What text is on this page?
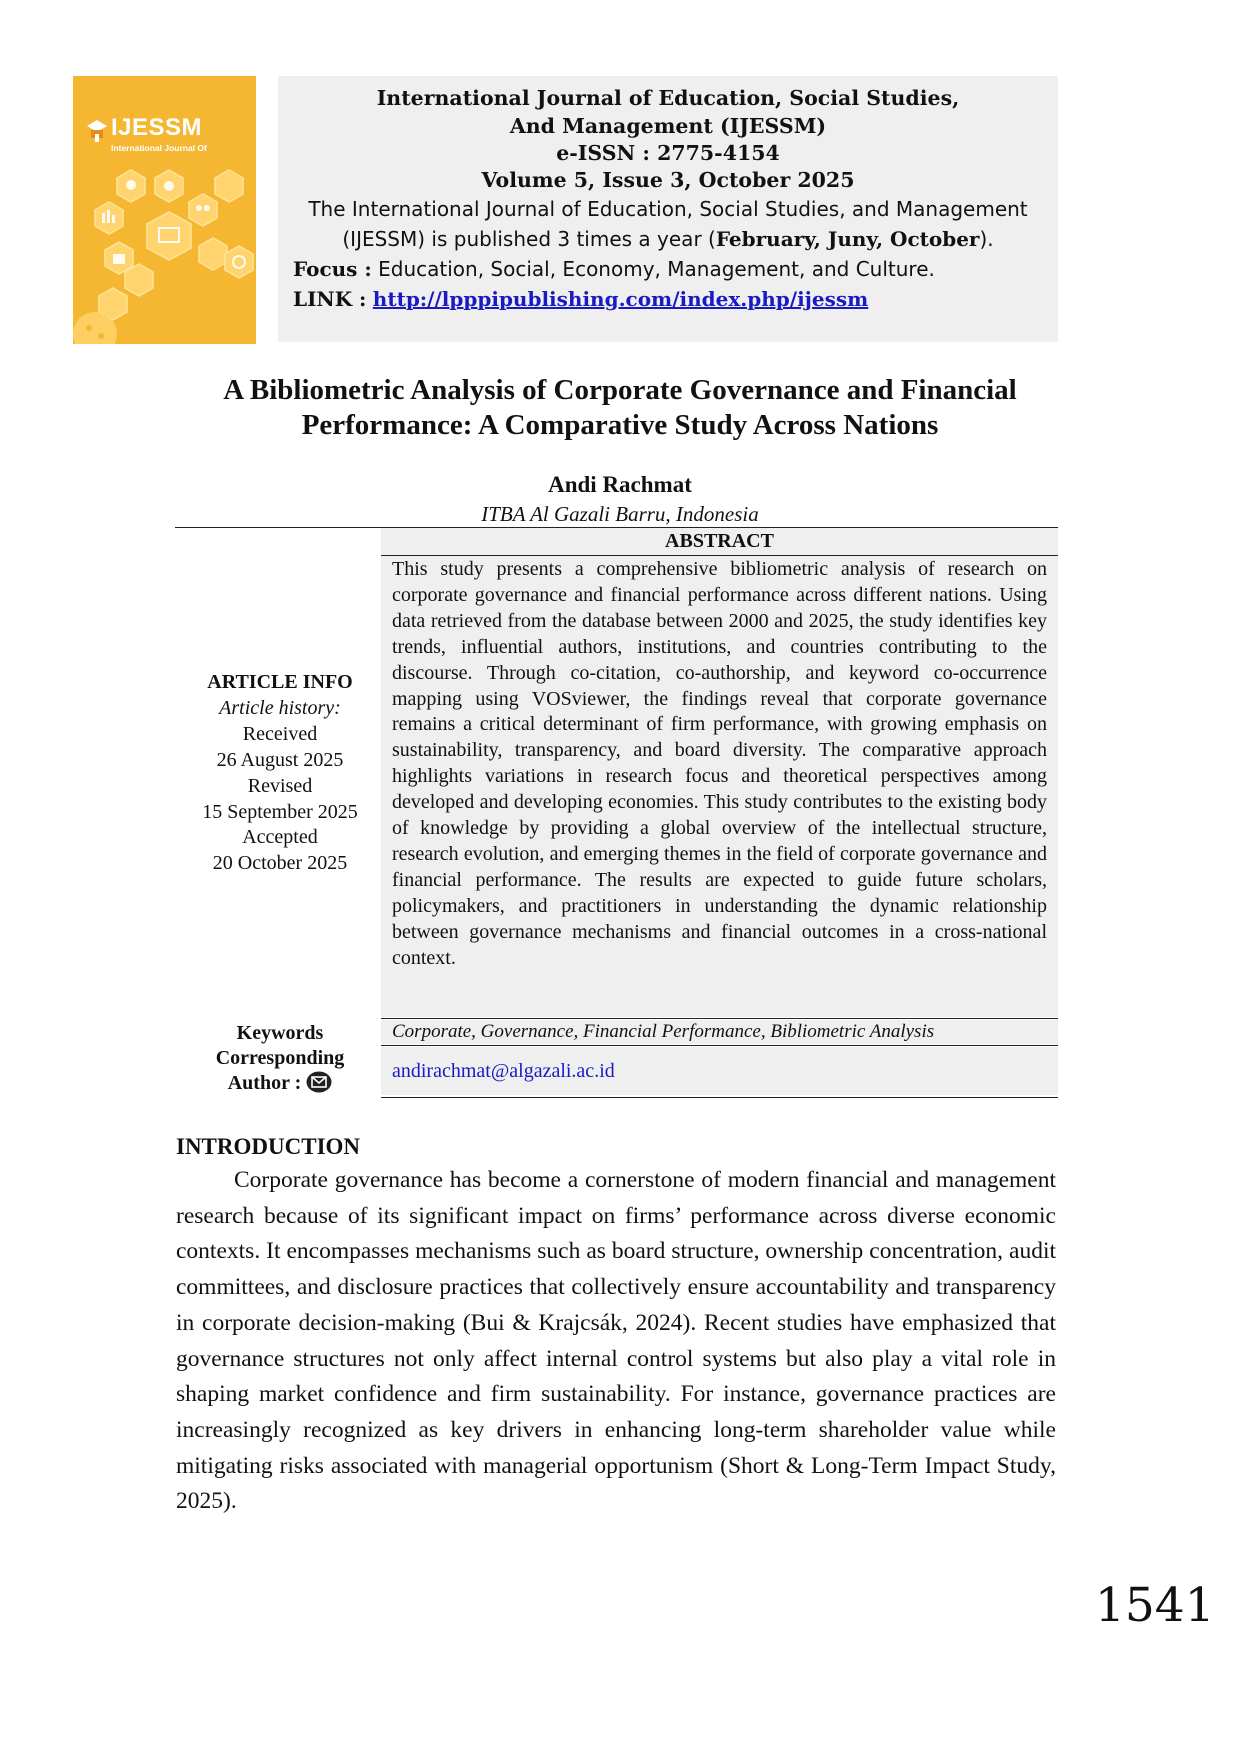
IJESSM
International Journal Of
International Journal of Education, Social Studies,
And Management (IJESSM)
e-ISSN : 2775-4154
Volume 5, Issue 3, October 2025
The International Journal of Education, Social Studies, and Management
(IJESSM) is published 3 times a year (February, Juny, October).
Focus : Education, Social, Economy, Management, and Culture.
LINK : http://lpppipublishing.com/index.php/ijessm
A Bibliometric Analysis of Corporate Governance and Financial
Performance: A Comparative Study Across Nations
Andi Rachmat
ITBA Al Gazali Barru, Indonesia
ABSTRACT
This study presents a comprehensive bibliometric analysis of research on corporate governance and financial performance across different nations. Using data retrieved from the database between 2000 and 2025, the study identifies key trends, influential authors, institutions, and countries contributing to the discourse. Through co-citation, co-authorship, and keyword co-occurrence mapping using VOSviewer, the findings reveal that corporate governance remains a critical determinant of firm performance, with growing emphasis on sustainability, transparency, and board diversity. The comparative approach highlights variations in research focus and theoretical perspectives among developed and developing economies. This study contributes to the existing body of knowledge by providing a global overview of the intellectual structure, research evolution, and emerging themes in the field of corporate governance and financial performance. The results are expected to guide future scholars, policymakers, and practitioners in understanding the dynamic relationship between governance mechanisms and financial outcomes in a cross-national context.
Corporate, Governance, Financial Performance, Bibliometric Analysis
andirachmat@algazali.ac.id
ARTICLE INFO
Article history:
Received
26 August 2025
Revised
15 September 2025
Accepted
20 October 2025
Keywords
Corresponding
Author :
INTRODUCTION

Corporate governance has become a cornerstone of modern financial and management research because of its significant impact on firms’ performance across diverse economic contexts. It encompasses mechanisms such as board structure, ownership concentration, audit committees, and disclosure practices that collectively ensure accountability and transparency in corporate decision-making (Bui & Krajcsák, 2024). Recent studies have emphasized that governance structures not only affect internal control systems but also play a vital role in shaping market confidence and firm sustainability. For instance, governance practices are increasingly recognized as key drivers in enhancing long-term shareholder value while mitigating risks associated with managerial opportunism (Short & Long-Term Impact Study, 2025).

1541
